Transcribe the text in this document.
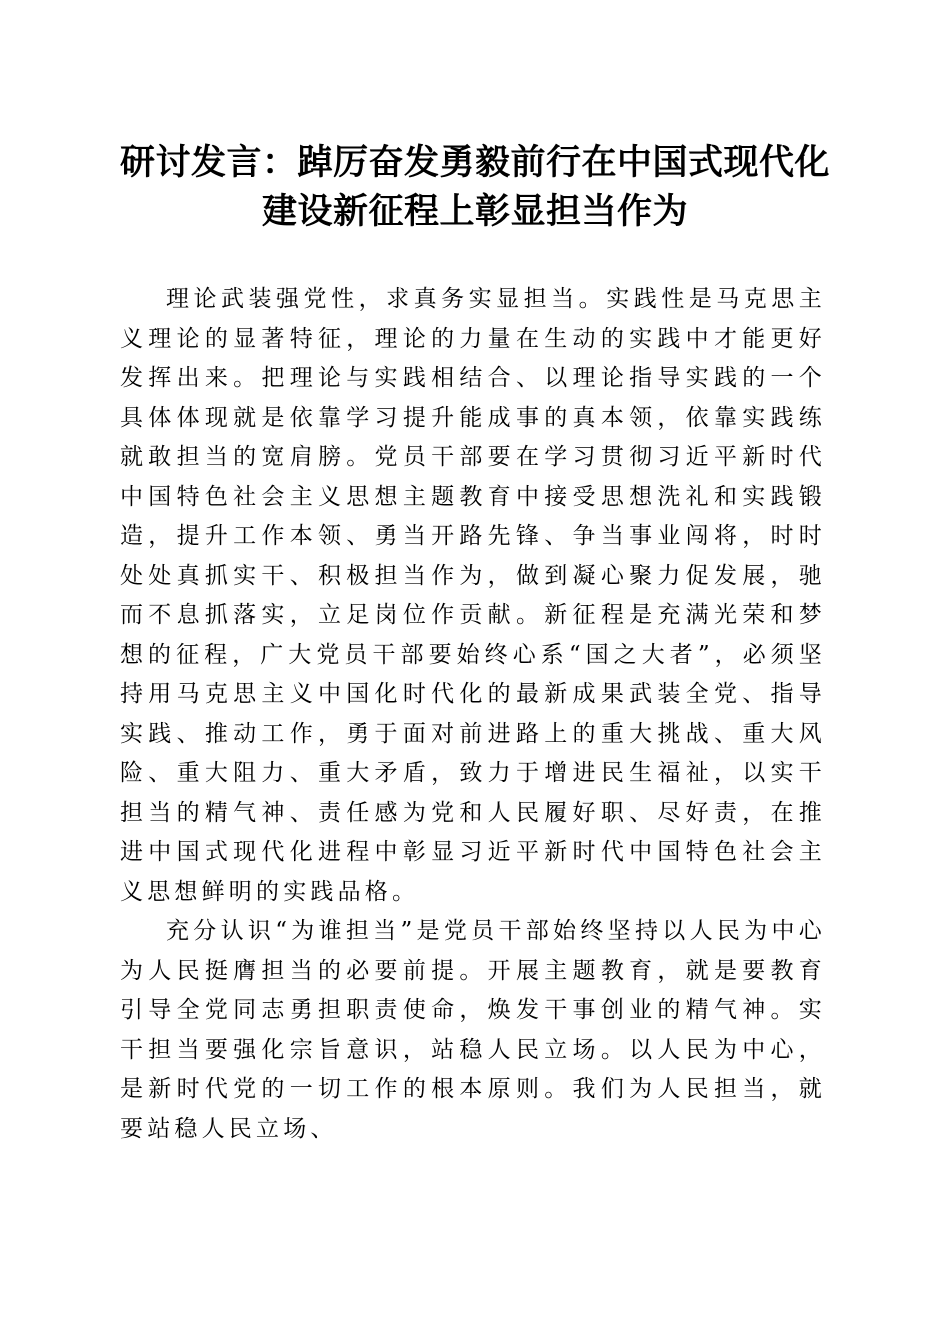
研讨发言：踔厉奋发勇毅前行在中国式现代化
建设新征程上彰显担当作为

理论武装强党性，求真务实显担当。实践性是马克思主义理论的显著特征，理论的力量在生动的实践中才能更好发挥出来。把理论与实践相结合、以理论指导实践的一个具体体现就是依靠学习提升能成事的真本领，依靠实践练就敢担当的宽肩膀。党员干部要在学习贯彻习近平新时代中国特色社会主义思想主题教育中接受思想洗礼和实践锻造，提升工作本领、勇当开路先锋、争当事业闯将，时时处处真抓实干、积极担当作为，做到凝心聚力促发展，驰而不息抓落实，立足岗位作贡献。新征程是充满光荣和梦想的征程，广大党员干部要始终心系“国之大者”，必须坚持用马克思主义中国化时代化的最新成果武装全党、指导实践、推动工作，勇于面对前进路上的重大挑战、重大风险、重大阻力、重大矛盾，致力于增进民生福祉，以实干担当的精气神、责任感为党和人民履好职、尽好责，在推进中国式现代化进程中彰显习近平新时代中国特色社会主义思想鲜明的实践品格。

充分认识“为谁担当”是党员干部始终坚持以人民为中心为人民挺膺担当的必要前提。开展主题教育，就是要教育引导全党同志勇担职责使命，焕发干事创业的精气神。实干担当要强化宗旨意识，站稳人民立场。以人民为中心，是新时代党的一切工作的根本原则。我们为人民担当，就要站稳人民立场、
